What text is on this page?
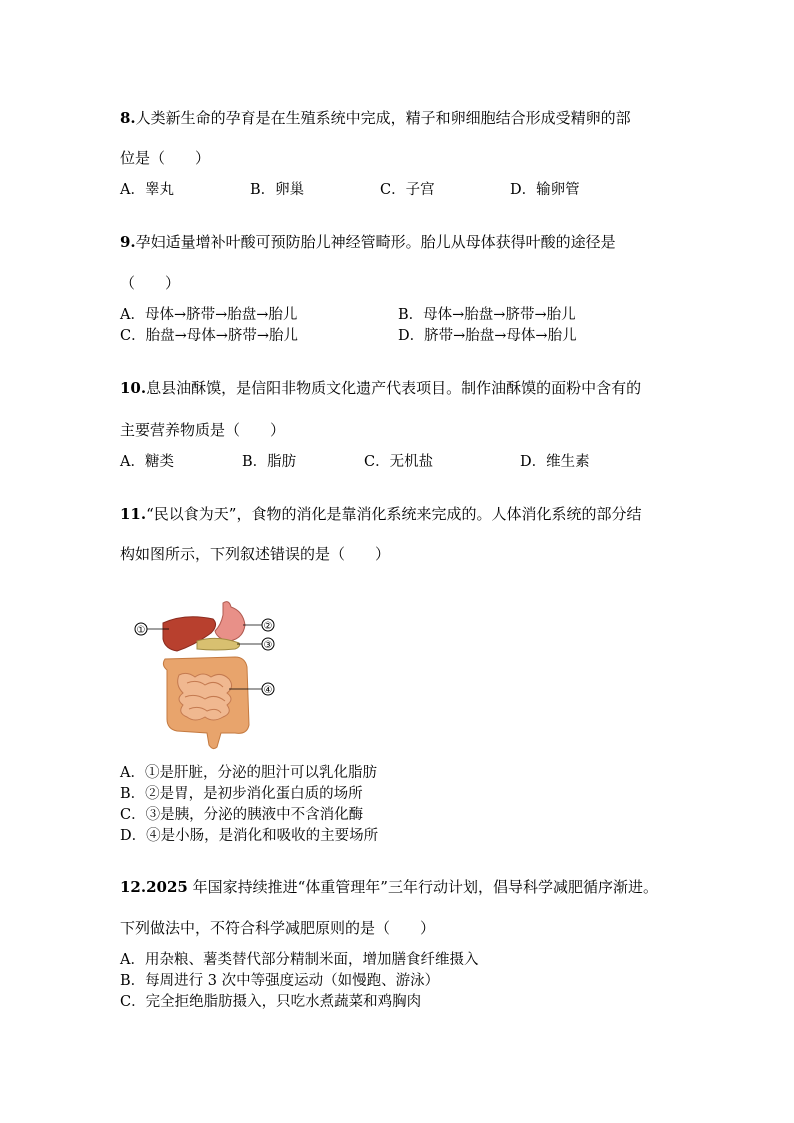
8.人类新生命的孕育是在生殖系统中完成，精子和卵细胞结合形成受精卵的部
位是（　　）
A．睾丸	B．卵巢	C．子宫	D．输卵管
9.孕妇适量增补叶酸可预防胎儿神经管畸形。胎儿从母体获得叶酸的途径是
（　　）
A．母体→脐带→胎盘→胎儿	B．母体→胎盘→脐带→胎儿
C．胎盘→母体→脐带→胎儿	D．脐带→胎盘→母体→胎儿
10.息县油酥馍，是信阳非物质文化遗产代表项目。制作油酥馍的面粉中含有的
主要营养物质是（　　）
A．糖类	B．脂肪	C．无机盐	D．维生素
11.“民以食为天”，食物的消化是靠消化系统来完成的。人体消化系统的部分结
构如图所示，下列叙述错误的是（　　）
①	②
③
④
A．①是肝脏，分泌的胆汁可以乳化脂肪
B．②是胃，是初步消化蛋白质的场所
C．③是胰，分泌的胰液中不含消化酶
D．④是小肠，是消化和吸收的主要场所
12.2025 年国家持续推进“体重管理年”三年行动计划，倡导科学减肥循序渐进。
下列做法中，不符合科学减肥原则的是（　　）
A．用杂粮、薯类替代部分精制米面，增加膳食纤维摄入
B．每周进行 3 次中等强度运动（如慢跑、游泳）
C．完全拒绝脂肪摄入，只吃水煮蔬菜和鸡胸肉
